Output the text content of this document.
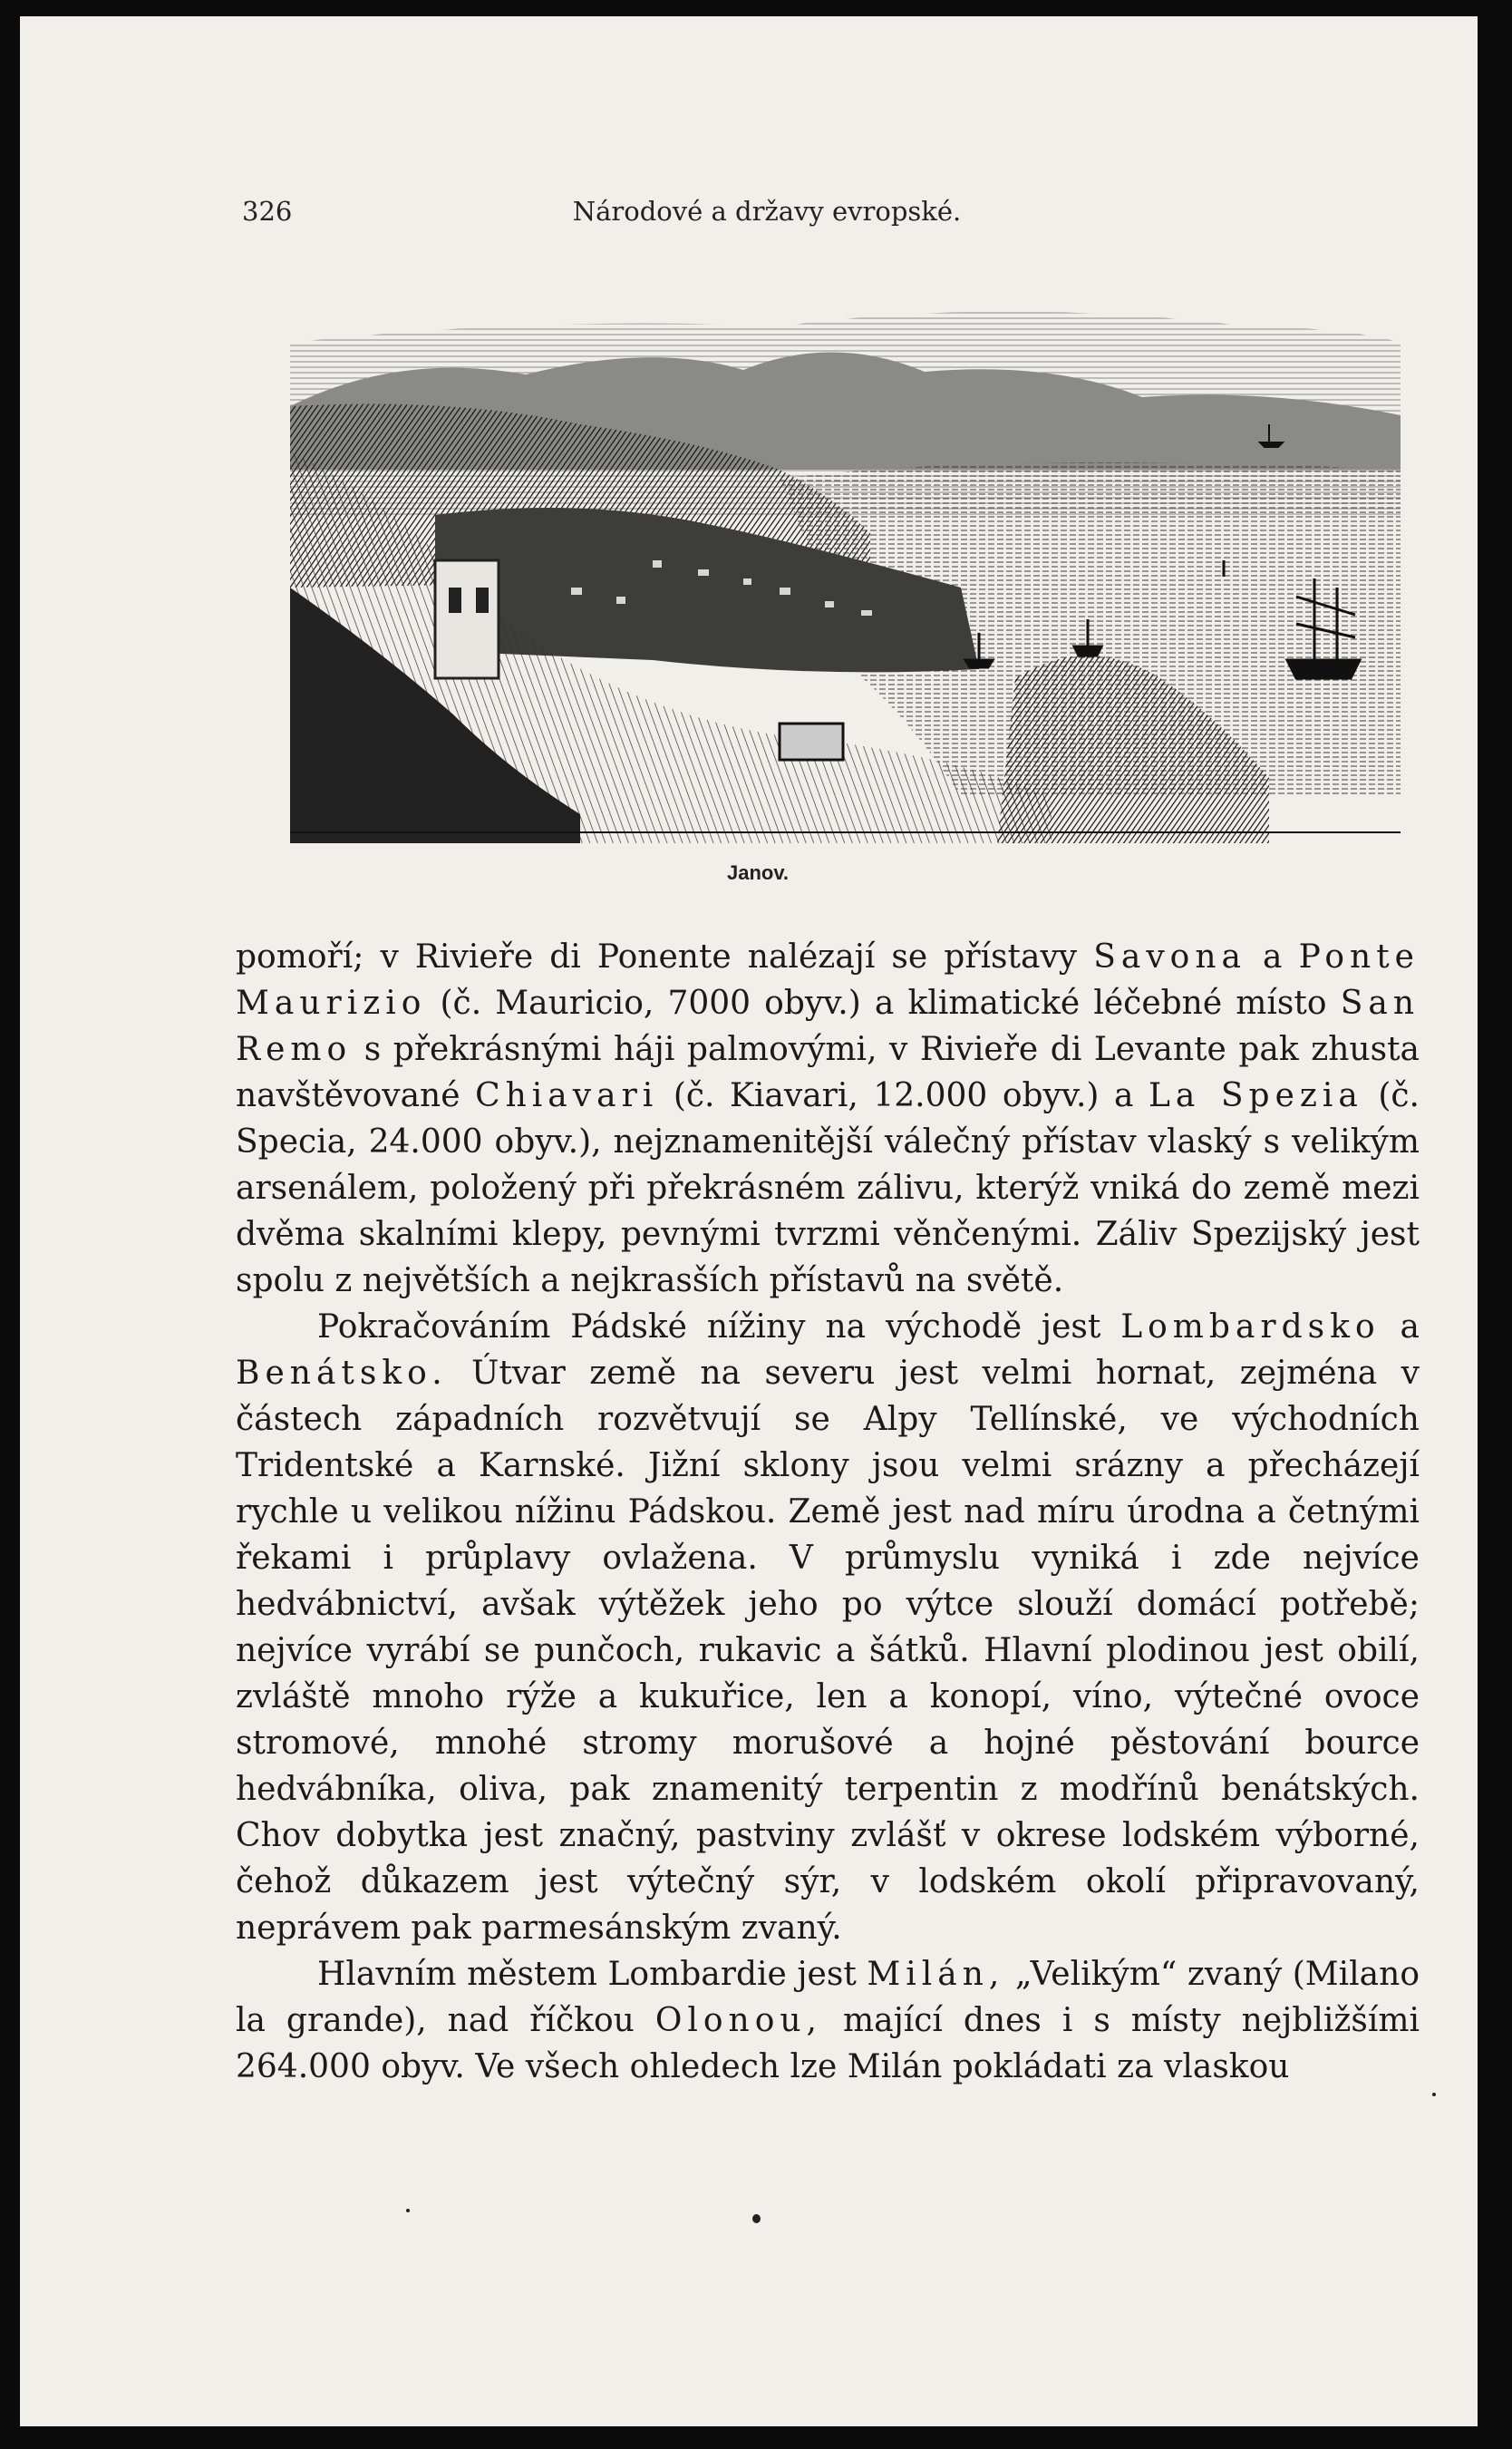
326	Národové a državy evropské.
Janov.

pomoří; v Rivieře di Ponente nalézají se přístavy Savona a Ponte Maurizio (č. Mauricio, 7000 obyv.) a klimatické léčebné místo San Remo s překrásnými háji palmovými, v Rivieře di Levante pak zhusta navštěvované Chiavari (č. Kiavari, 12.000 obyv.) a La Spezia (č. Specia, 24.000 obyv.), nejznamenitější válečný přístav vlaský s velikým arsenálem, položený při překrásném zálivu, kterýž vniká do země mezi dvěma skalními klepy, pevnými tvrzmi věnčenými. Záliv Spezijský jest spolu z největších a nejkrasších přístavů na světě.

Pokračováním Pádské nížiny na východě jest Lombardsko a Benátsko. Útvar země na severu jest velmi hornat, zejména v částech západních rozvětvují se Alpy Tellínské, ve východních Tridentské a Karnské. Jižní sklony jsou velmi srázny a přecházejí rychle u velikou nížinu Pádskou. Země jest nad míru úrodna a četnými řekami i průplavy ovlažena. V průmyslu vyniká i zde nejvíce hedvábnictví, avšak výtěžek jeho po výtce slouží domácí potřebě; nejvíce vyrábí se punčoch, rukavic a šátků. Hlavní plodinou jest obilí, zvláště mnoho rýže a kukuřice, len a konopí, víno, výtečné ovoce stromové, mnohé stromy morušové a hojné pěstování bource hedvábníka, oliva, pak znamenitý terpentin z modřínů benátských. Chov dobytka jest značný, pastviny zvlášť v okrese lodském výborné, čehož důkazem jest výtečný sýr, v lodském okolí připravovaný, neprávem pak parmesánským zvaný.

Hlavním městem Lombardie jest Milán, „Velikým“ zvaný (Milano la grande), nad říčkou Olonou, mající dnes i s místy nejbližšími 264.000 obyv. Ve všech ohledech lze Milán pokládati za vlaskou
